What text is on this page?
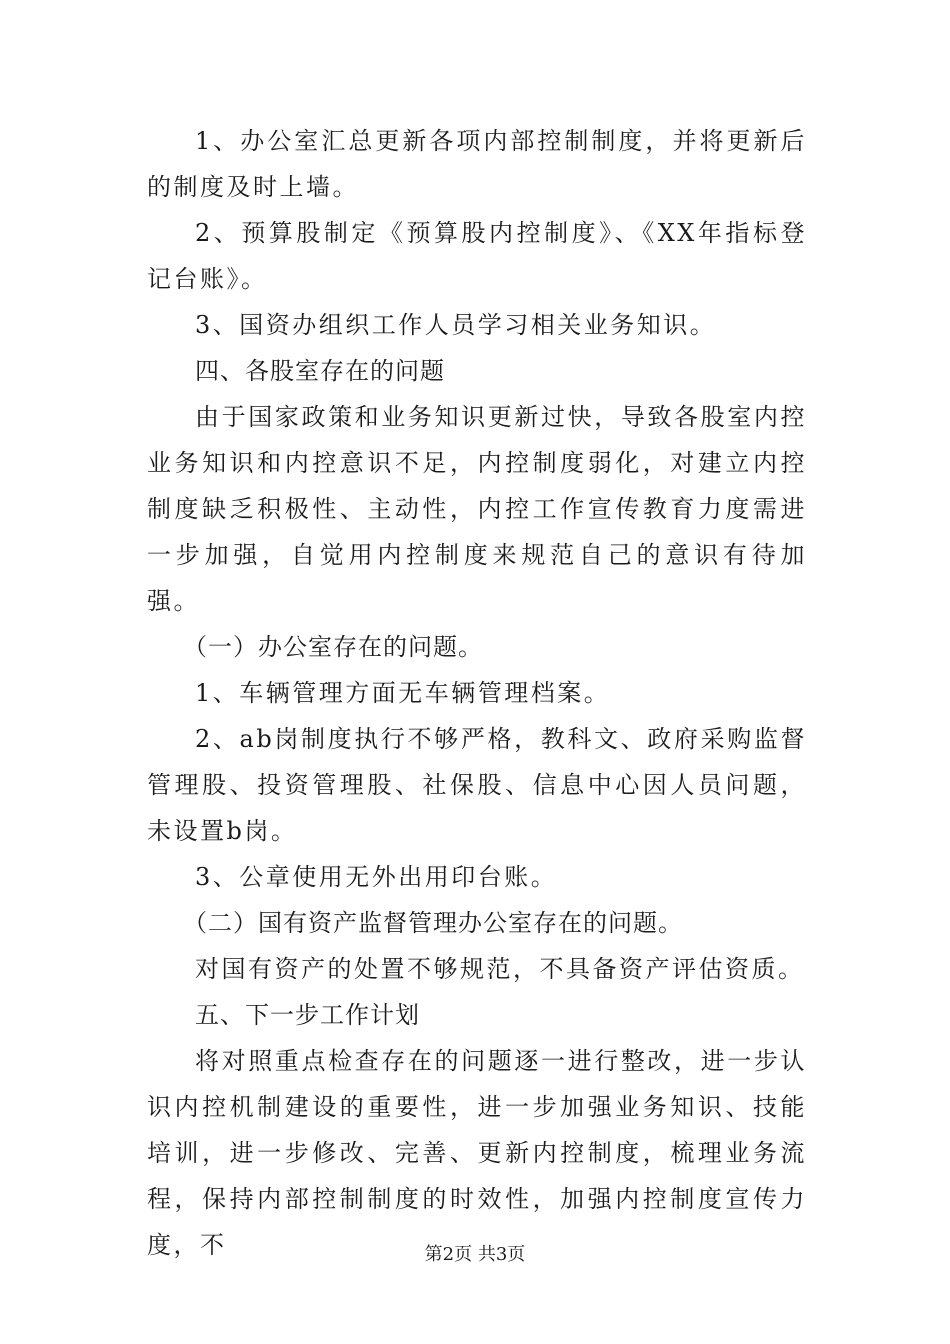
1、办公室汇总更新各项内部控制制度，并将更新后的制度及时上墙。

2、预算股制定《预算股内控制度》、《XX年指标登记台账》。

3、国资办组织工作人员学习相关业务知识。

四、各股室存在的问题

由于国家政策和业务知识更新过快，导致各股室内控业务知识和内控意识不足，内控制度弱化，对建立内控制度缺乏积极性、主动性，内控工作宣传教育力度需进一步加强，自觉用内控制度来规范自己的意识有待加强。

（一）办公室存在的问题。

1、车辆管理方面无车辆管理档案。

2、ab岗制度执行不够严格，教科文、政府采购监督管理股、投资管理股、社保股、信息中心因人员问题，未设置b岗。

3、公章使用无外出用印台账。

（二）国有资产监督管理办公室存在的问题。

对国有资产的处置不够规范，不具备资产评估资质。

五、下一步工作计划

将对照重点检查存在的问题逐一进行整改，进一步认识内控机制建设的重要性，进一步加强业务知识、技能培训，进一步修改、完善、更新内控制度，梳理业务流程，保持内部控制制度的时效性，加强内控制度宣传力度，不	第2页 共3页
